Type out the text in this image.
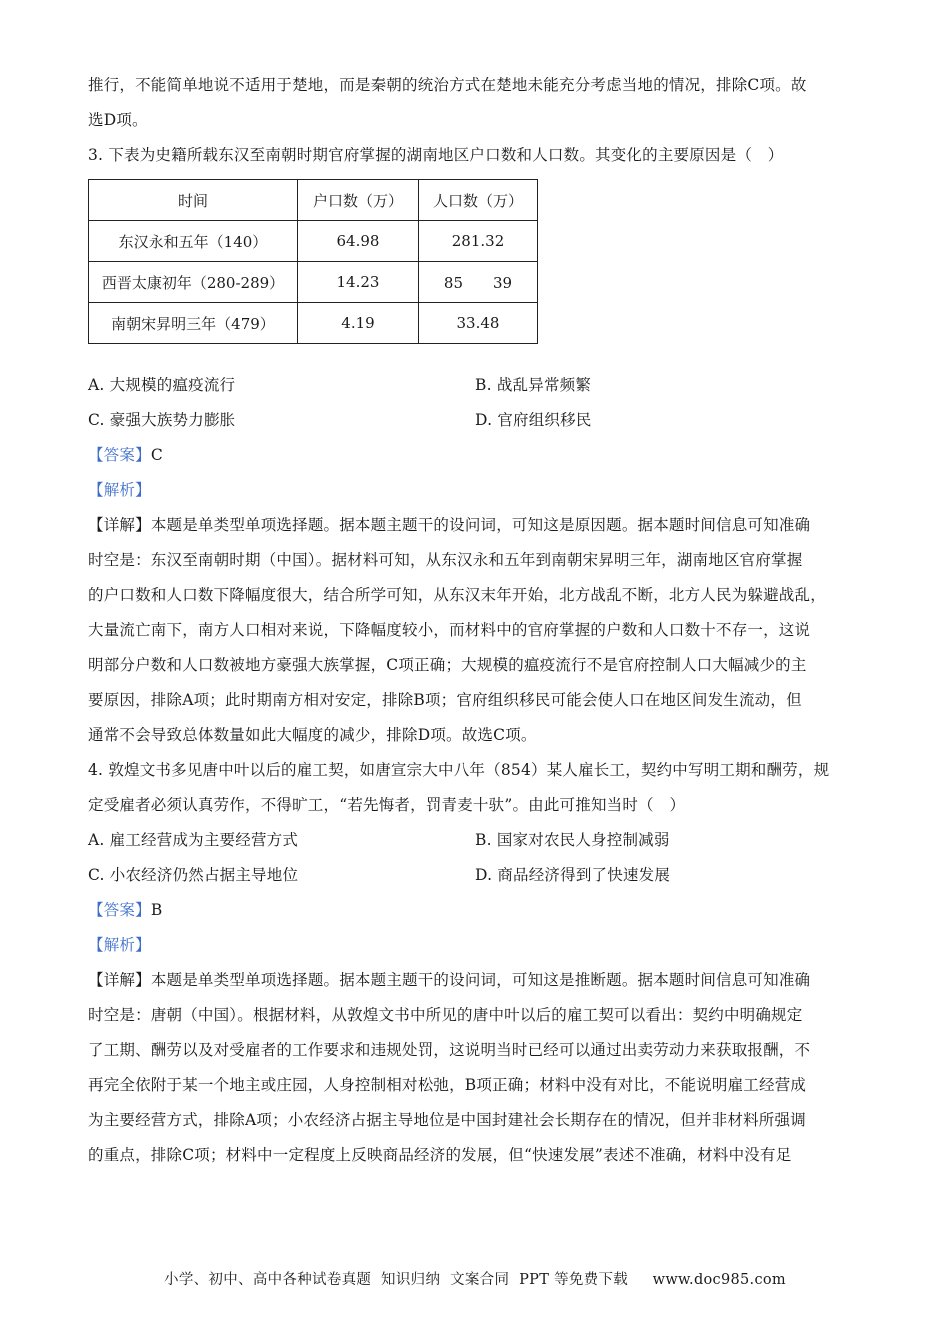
推行，不能简单地说不适用于楚地，而是秦朝的统治方式在楚地未能充分考虑当地的情况，排除C项。故

选D项。

3. 下表为史籍所载东汉至南朝时期官府掌握的湖南地区户口数和人口数。其变化的主要原因是（　）

时间	户口数（万）	人口数（万）
东汉永和五年（140）	64.98	281.32
西晋太康初年（280-289）	14.23	85　　39
南朝宋昇明三年（479）	4.19	33.48

A. 大规模的瘟疫流行	B. 战乱异常频繁

C. 豪强大族势力膨胀	D. 官府组织移民

【答案】C

【解析】

【详解】本题是单类型单项选择题。据本题主题干的设问词，可知这是原因题。据本题时间信息可知准确

时空是：东汉至南朝时期（中国）。据材料可知，从东汉永和五年到南朝宋昇明三年，湖南地区官府掌握

的户口数和人口数下降幅度很大，结合所学可知，从东汉末年开始，北方战乱不断，北方人民为躲避战乱，

大量流亡南下，南方人口相对来说，下降幅度较小，而材料中的官府掌握的户数和人口数十不存一，这说

明部分户数和人口数被地方豪强大族掌握，C项正确；大规模的瘟疫流行不是官府控制人口大幅减少的主

要原因，排除A项；此时期南方相对安定，排除B项；官府组织移民可能会使人口在地区间发生流动，但

通常不会导致总体数量如此大幅度的减少，排除D项。故选C项。

4. 敦煌文书多见唐中叶以后的雇工契，如唐宣宗大中八年（854）某人雇长工，契约中写明工期和酬劳，规

定受雇者必须认真劳作，不得旷工，“若先悔者，罚青麦十驮”。由此可推知当时（　）

A. 雇工经营成为主要经营方式	B. 国家对农民人身控制减弱

C. 小农经济仍然占据主导地位	D. 商品经济得到了快速发展

【答案】B

【解析】

【详解】本题是单类型单项选择题。据本题主题干的设问词，可知这是推断题。据本题时间信息可知准确

时空是：唐朝（中国）。根据材料，从敦煌文书中所见的唐中叶以后的雇工契可以看出：契约中明确规定

了工期、酬劳以及对受雇者的工作要求和违规处罚，这说明当时已经可以通过出卖劳动力来获取报酬，不

再完全依附于某一个地主或庄园，人身控制相对松弛，B项正确；材料中没有对比，不能说明雇工经营成

为主要经营方式，排除A项；小农经济占据主导地位是中国封建社会长期存在的情况，但并非材料所强调

的重点，排除C项；材料中一定程度上反映商品经济的发展，但“快速发展”表述不准确，材料中没有足

小学、初中、高中各种试卷真题  知识归纳  文案合同  PPT 等免费下载     www.doc985.com
